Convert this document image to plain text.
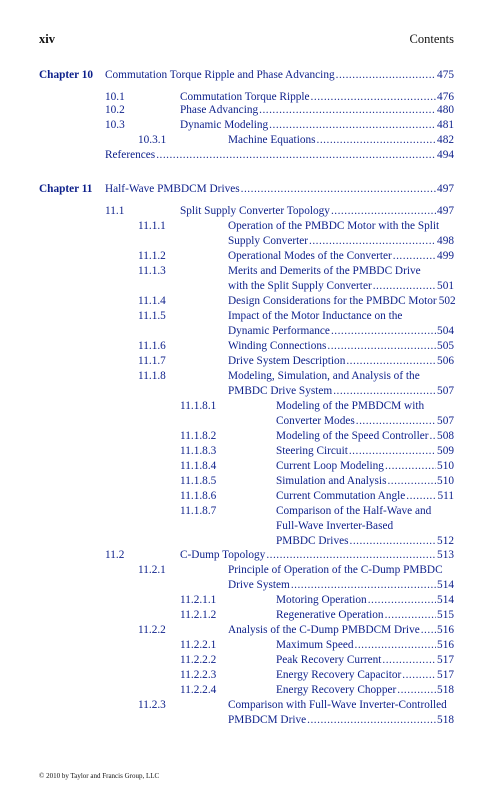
xiv	Contents
Chapter 10 Commutation Torque Ripple and Phase Advancing .....	475
10.1	Commutation Torque Ripple .....	476
10.2	Phase Advancing .....	480
10.3	Dynamic Modeling .....	481
10.3.1	Machine Equations .....	482
References .....	494
Chapter 11 Half-Wave PMBDCM Drives .....	497
11.1	Split Supply Converter Topology .....	497
11.1.1	Operation of the PMBDC Motor with the Split
Supply Converter .....	498
11.1.2	Operational Modes of the Converter .....	499
11.1.3	Merits and Demerits of the PMBDC Drive
with the Split Supply Converter .....	501
11.1.4	Design Considerations for the PMBDC Motor 502
11.1.5	Impact of the Motor Inductance on the
Dynamic Performance .....	504
11.1.6	Winding Connections .....	505
11.1.7	Drive System Description .....	506
11.1.8	Modeling, Simulation, and Analysis of the
PMBDC Drive System .....	507
11.1.8.1	Modeling of the PMBDCM with
Converter Modes .....	507
11.1.8.2	Modeling of the Speed Controller ..... 508
11.1.8.3	Steering Circuit .....	509
11.1.8.4	Current Loop Modeling .....	510
11.1.8.5	Simulation and Analysis .....	510
11.1.8.6	Current Commutation Angle .....	511
11.1.8.7	Comparison of the Half-Wave and
Full-Wave Inverter-Based
PMBDC Drives .....	512
11.2	C-Dump Topology .....	513
11.2.1	Principle of Operation of the C-Dump PMBDC
Drive System .....	514
11.2.1.1	Motoring Operation .....	514
11.2.1.2	Regenerative Operation .....	515
11.2.2	Analysis of the C-Dump PMBDCM Drive ..... 516
11.2.2.1	Maximum Speed .....	516
11.2.2.2	Peak Recovery Current .....	517
11.2.2.3	Energy Recovery Capacitor .....	517
11.2.2.4	Energy Recovery Chopper .....	518
11.2.3	Comparison with Full-Wave Inverter-Controlled
PMBDCM Drive .....	518
© 2010 by Taylor and Francis Group, LLC
